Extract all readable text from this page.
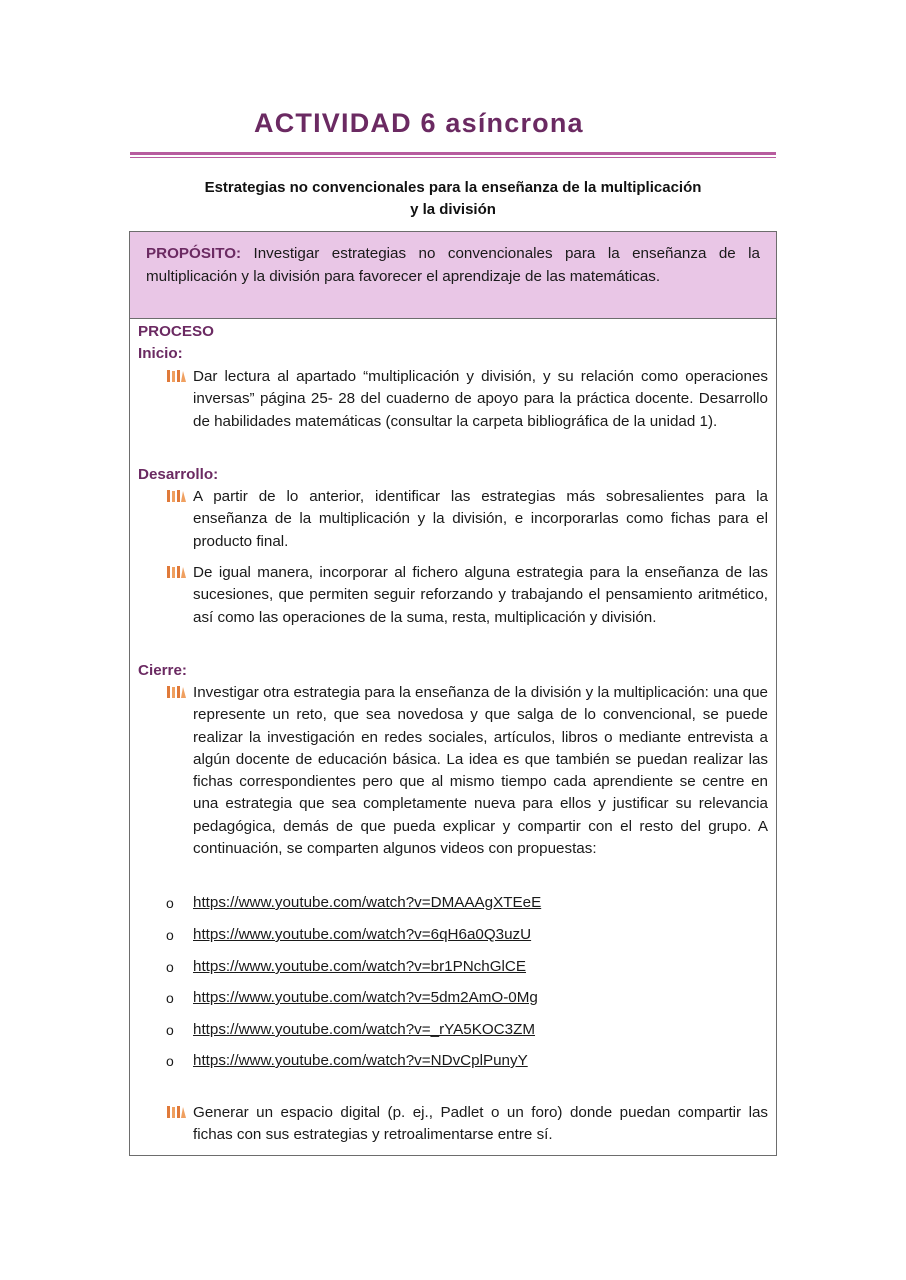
ACTIVIDAD 6 asíncrona
Estrategias no convencionales para la enseñanza de la multiplicación
y la división
PROPÓSITO: Investigar estrategias no convencionales para la enseñanza de la multiplicación y la división para favorecer el aprendizaje de las matemáticas.

PROCESO

Inicio:

Dar lectura al apartado “multiplicación y división, y su relación como operaciones inversas” página 25- 28 del cuaderno de apoyo para la práctica docente. Desarrollo de habilidades matemáticas (consultar la carpeta bibliográfica de la unidad 1).

Desarrollo:

A partir de lo anterior, identificar las estrategias más sobresalientes para la enseñanza de la multiplicación y la división, e incorporarlas como fichas para el producto final.

De igual manera, incorporar al fichero alguna estrategia para la enseñanza de las sucesiones, que permiten seguir reforzando y trabajando el pensamiento aritmético, así como las operaciones de la suma, resta, multiplicación y división.

Cierre:

Investigar otra estrategia para la enseñanza de la división y la multiplicación: una que represente un reto, que sea novedosa y que salga de lo convencional, se puede realizar la investigación en redes sociales, artículos, libros o mediante entrevista a algún docente de educación básica. La idea es que también se puedan realizar las fichas correspondientes pero que al mismo tiempo cada aprendiente se centre en una estrategia que sea completamente nueva para ellos y justificar su relevancia pedagógica, demás de que pueda explicar y compartir con el resto del grupo. A continuación, se comparten algunos videos con propuestas:

o https://www.youtube.com/watch?v=DMAAAgXTEeE
o https://www.youtube.com/watch?v=6qH6a0Q3uzU
o https://www.youtube.com/watch?v=br1PNchGlCE
o https://www.youtube.com/watch?v=5dm2AmO-0Mg
o https://www.youtube.com/watch?v=_rYA5KOC3ZM
o https://www.youtube.com/watch?v=NDvCplPunyY

Generar un espacio digital (p. ej., Padlet o un foro) donde puedan compartir las fichas con sus estrategias y retroalimentarse entre sí.
